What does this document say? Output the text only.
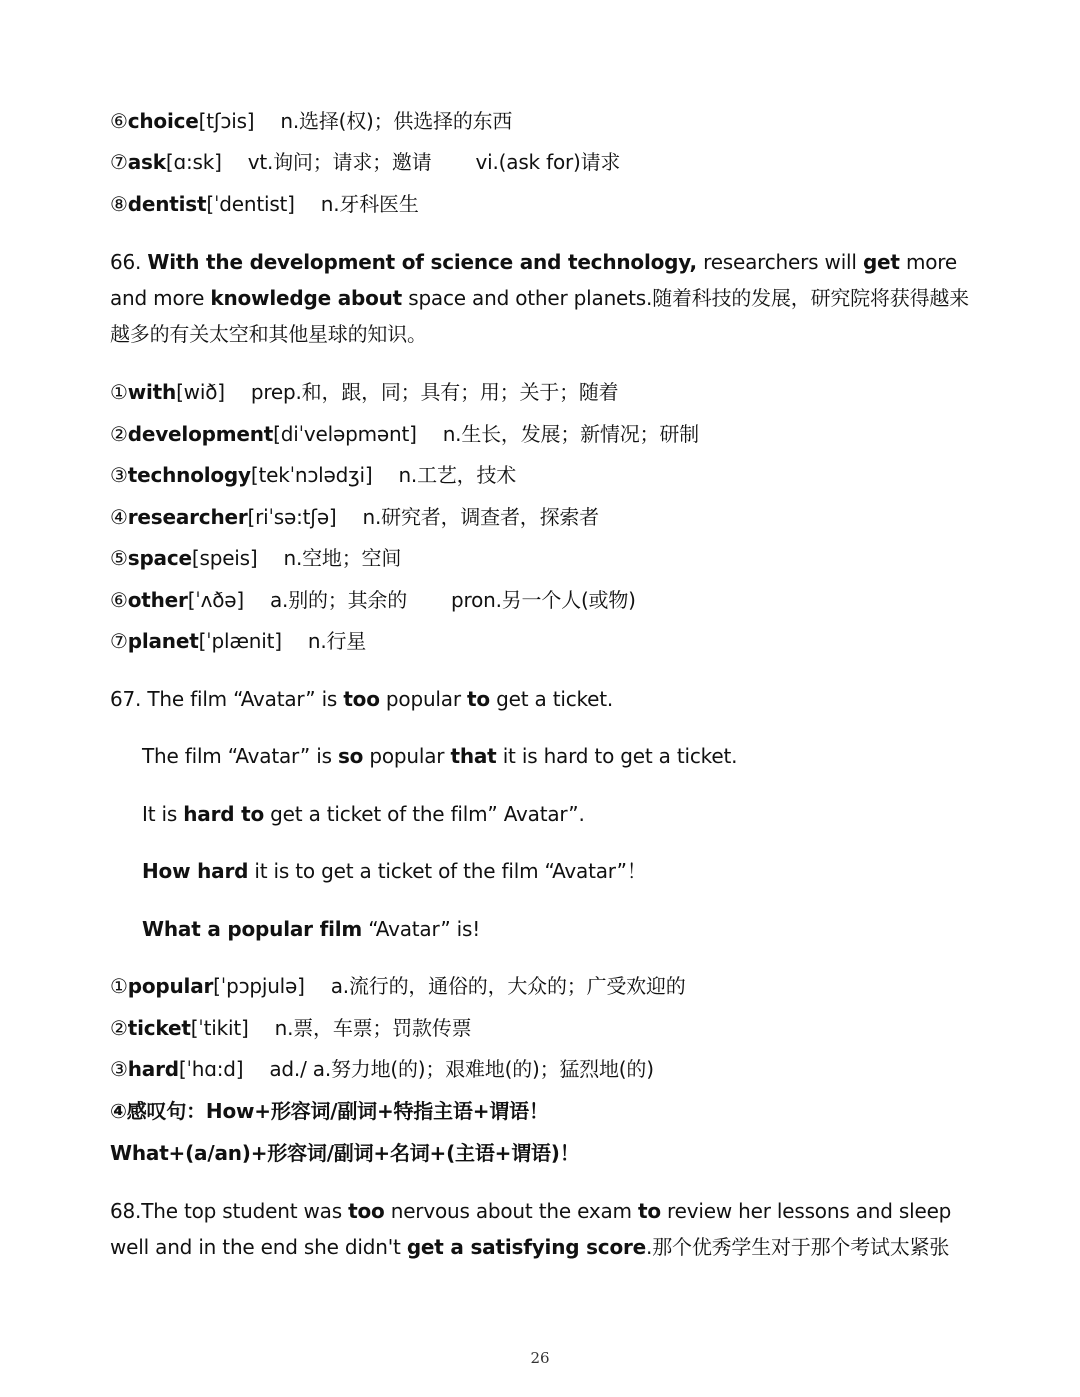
⑥choice[tʃɔis] n.选择(权)；供选择的东西

⑦ask[ɑ:sk] vt.询问；请求；邀请 vi.(ask for)请求

⑧dentist[ˈdentist] n.牙科医生

66. With the development of science and technology, researchers will get more and more knowledge about space and other planets.随着科技的发展，研究院将获得越来越多的有关太空和其他星球的知识。

①with[wið] prep.和，跟，同；具有；用；关于；随着

②development[diˈveləpmənt] n.生长，发展；新情况；研制

③technology[tekˈnɔlədʒi] n.工艺，技术

④researcher[riˈsə:tʃə] n.研究者，调查者，探索者

⑤space[speis] n.空地；空间

⑥other[ˈʌðə] a.别的；其余的 pron.另一个人(或物)

⑦planet[ˈplænit] n.行星

67. The film “Avatar” is too popular to get a ticket.

The film “Avatar” is so popular that it is hard to get a ticket.

It is hard to get a ticket of the film” Avatar”.

How hard it is to get a ticket of the film “Avatar”！

What a popular film “Avatar” is!

①popular[ˈpɔpjulə] a.流行的，通俗的，大众的；广受欢迎的

②ticket[ˈtikit] n.票，车票；罚款传票

③hard[ˈhɑ:d] ad./ a.努力地(的)；艰难地(的)；猛烈地(的)

④感叹句：How+形容词/副词+特指主语+谓语！

What+(a/an)+形容词/副词+名词+(主语+谓语)！

68.The top student was too nervous about the exam to review her lessons and sleep well and in the end she didn't get a satisfying score.那个优秀学生对于那个考试太紧张

26
